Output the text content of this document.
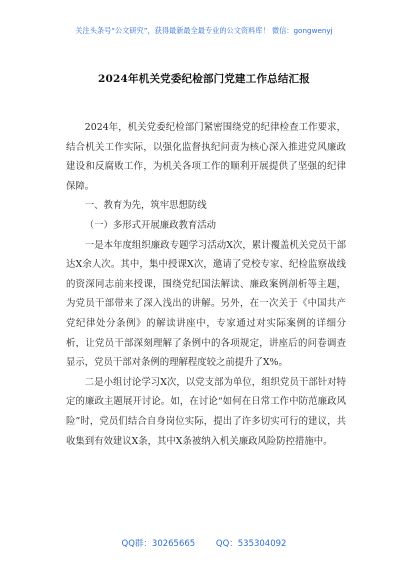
关注头条号“公文研究”，获得最新最全最专业的公文资料库！ 微信：gongwenyj
2024年机关党委纪检部门党建工作总结汇报

2024年，机关党委纪检部门紧密围绕党的纪律检查工作要求，结合机关工作实际，以强化监督执纪问责为核心深入推进党风廉政建设和反腐败工作，为机关各项工作的顺利开展提供了坚强的纪律保障。

一、教育为先，筑牢思想防线

（一）多形式开展廉政教育活动

一是本年度组织廉政专题学习活动X次，累计覆盖机关党员干部达X余人次。其中，集中授课X次，邀请了党校专家、纪检监察战线的资深同志前来授课，围绕党纪国法解读、廉政案例剖析等主题，为党员干部带来了深入浅出的讲解。另外，在一次关于《中国共产党纪律处分条例》的解读讲座中，专家通过对实际案例的详细分析，让党员干部深刻理解了条例中的各项规定，讲座后的问卷调查显示，党员干部对条例的理解程度较之前提升了X%。

二是小组讨论学习X次，以党支部为单位，组织党员干部针对特定的廉政主题展开讨论。如，在讨论“如何在日常工作中防范廉政风险”时，党员们结合自身岗位实际，提出了许多切实可行的建议，共收集到有效建议X条，其中X条被纳入机关廉政风险防控措施中。

QQ群：30265665 QQ：535304092
